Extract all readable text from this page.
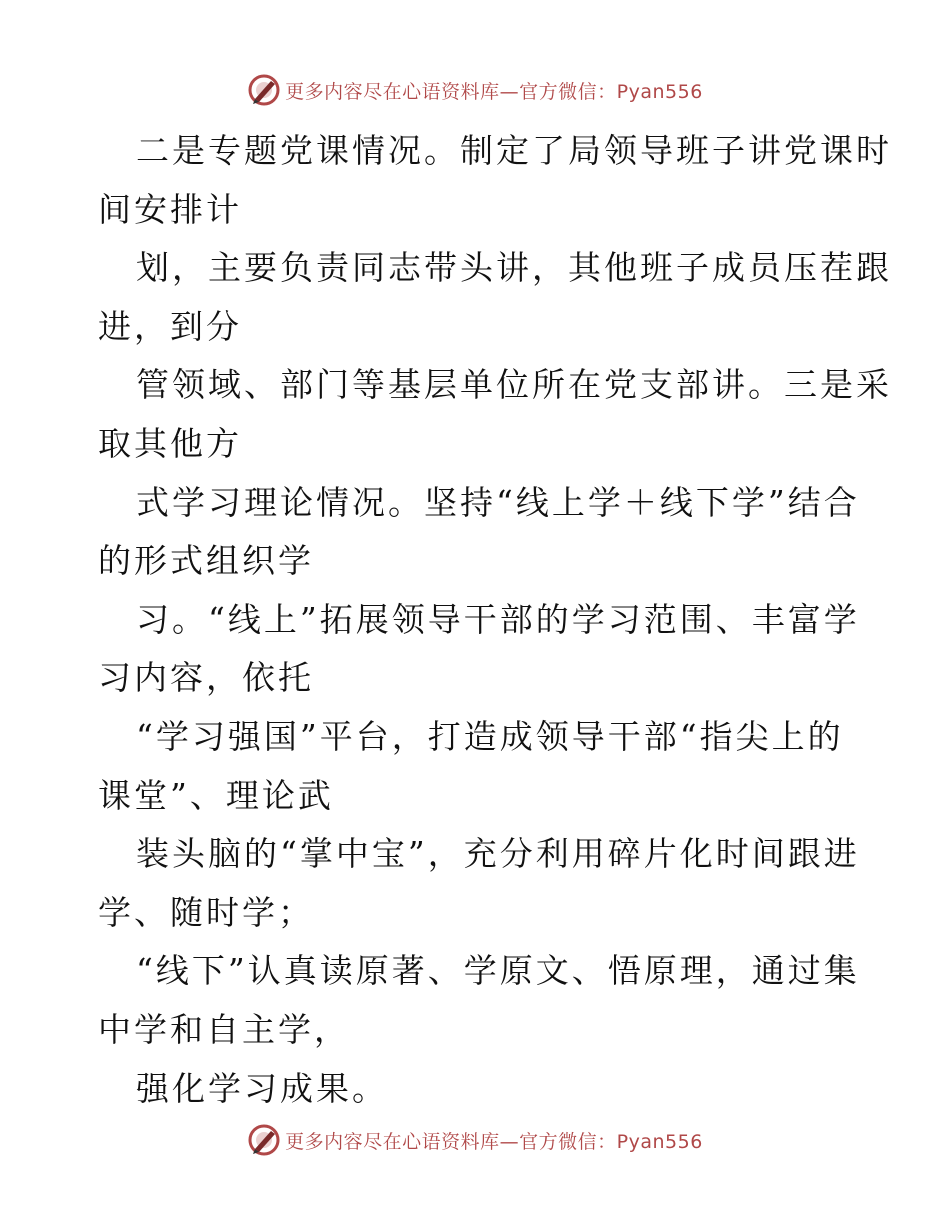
更多内容尽在心语资料库—官方微信：Pyan556
二是专题党课情况。制定了局领导班子讲党课时
间安排计
划，主要负责同志带头讲，其他班子成员压茬跟
进，到分
管领域、部门等基层单位所在党支部讲。三是采
取其他方
式学习理论情况。坚持“线上学＋线下学”结合
的形式组织学
习。“线上”拓展领导干部的学习范围、丰富学
习内容，依托
“学习强国”平台，打造成领导干部“指尖上的
课堂”、理论武
装头脑的“掌中宝”，充分利用碎片化时间跟进
学、随时学；
“线下”认真读原著、学原文、悟原理，通过集
中学和自主学，
强化学习成果。
更多内容尽在心语资料库—官方微信：Pyan556
